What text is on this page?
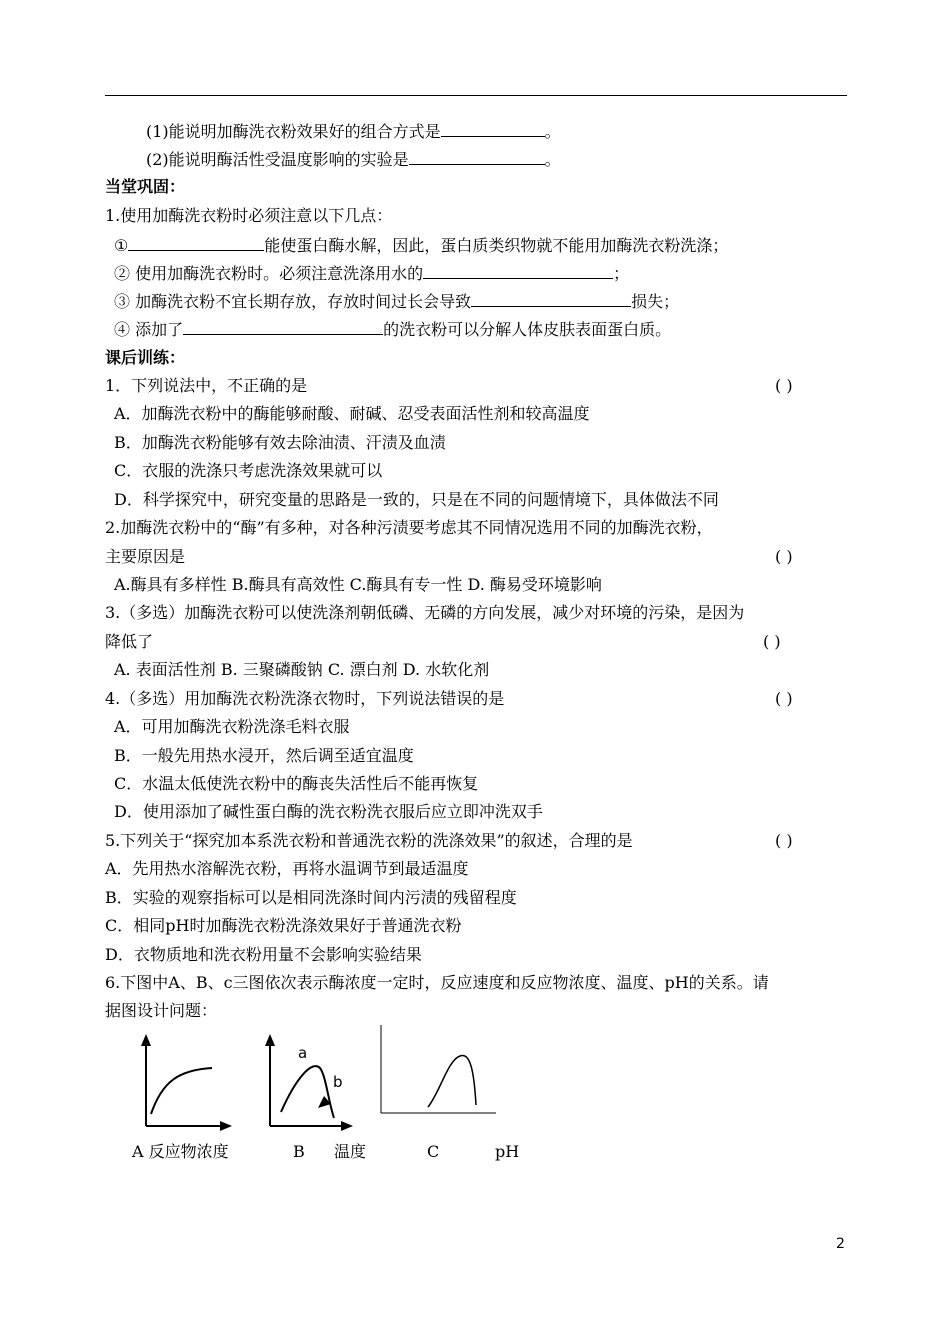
(1)能说明加酶洗衣粉效果好的组合方式是	。
(2)能说明酶活性受温度影响的实验是	。
当堂巩固：
1.使用加酶洗衣粉时必须注意以下几点：
①	能使蛋白酶水解，因此，蛋白质类织物就不能用加酶洗衣粉洗涤；
② 使用加酶洗衣粉时。必须注意洗涤用水的	；
③ 加酶洗衣粉不宜长期存放，存放时间过长会导致	损失；
④ 添加了	的洗衣粉可以分解人体皮肤表面蛋白质。
课后训练：
1．下列说法中，不正确的是	( )
A．加酶洗衣粉中的酶能够耐酸、耐碱、忍受表面活性剂和较高温度
B．加酶洗衣粉能够有效去除油渍、汗渍及血渍
C．衣服的洗涤只考虑洗涤效果就可以
D．科学探究中，研究变量的思路是一致的，只是在不同的问题情境下，具体做法不同
2.加酶洗衣粉中的“酶”有多种，对各种污渍要考虑其不同情况选用不同的加酶洗衣粉，
主要原因是	( )
A.酶具有多样性 B.酶具有高效性 C.酶具有专一性 D. 酶易受环境影响
3.（多选）加酶洗衣粉可以使洗涤剂朝低磷、无磷的方向发展，减少对环境的污染，是因为
降低了	( )
A. 表面活性剂 B. 三聚磷酸钠 C. 漂白剂 D. 水软化剂
4.（多选）用加酶洗衣粉洗涤衣物时，下列说法错误的是	( )
A．可用加酶洗衣粉洗涤毛料衣服
B．一般先用热水浸开，然后调至适宜温度
C．水温太低使洗衣粉中的酶丧失活性后不能再恢复
D．使用添加了碱性蛋白酶的洗衣粉洗衣服后应立即冲洗双手
5.下列关于“探究加本系洗衣粉和普通洗衣粉的洗涤效果”的叙述，合理的是	( )
A．先用热水溶解洗衣粉，再将水温调节到最适温度
B．实验的观察指标可以是相同洗涤时间内污渍的残留程度
C．相同pH时加酶洗衣粉洗涤效果好于普通洗衣粉
D．衣物质地和洗衣粉用量不会影响实验结果
6.下图中A、B、c三图依次表示酶浓度一定时，反应速度和反应物浓度、温度、pH的关系。请
据图设计问题：
a
b
A 反应物浓度	B 温度	C	pH
2
